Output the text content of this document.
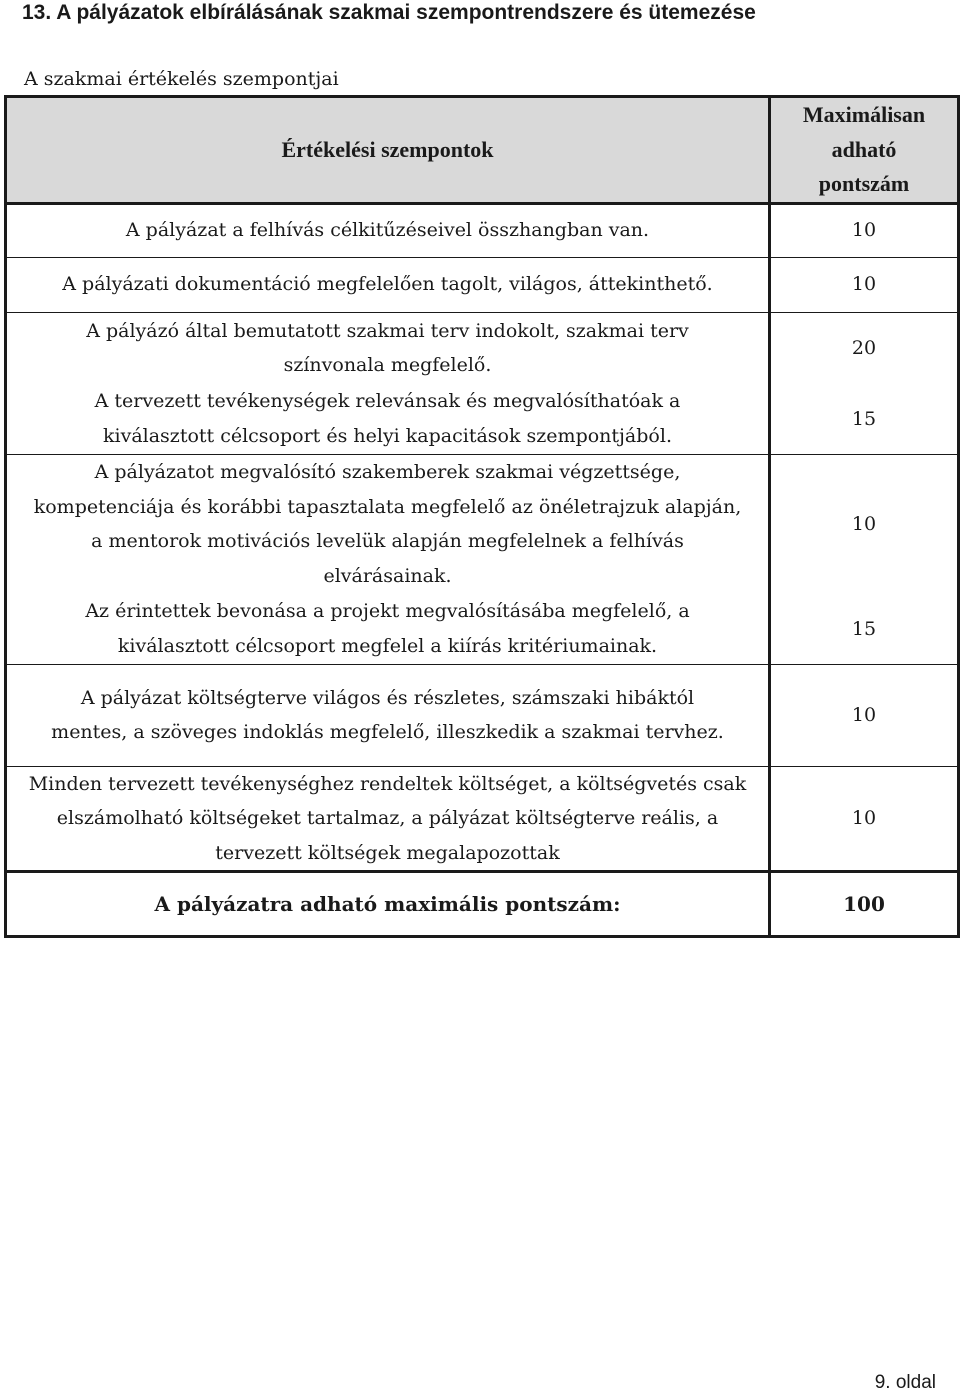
13. A pályázatok elbírálásának szakmai szempontrendszere és ütemezése
A szakmai értékelés szempontjai
Értékelési szempontok	Maximálisan adható pontszám
A pályázat a felhívás célkitűzéseivel összhangban van.	10
A pályázati dokumentáció megfelelően tagolt, világos, áttekinthető.	10
A pályázó által bemutatott szakmai terv indokolt, szakmai terv színvonala megfelelő.	20
A tervezett tevékenységek relevánsak és megvalósíthatóak a kiválasztott célcsoport és helyi kapacitások szempontjából.	15
A pályázatot megvalósító szakemberek szakmai végzettsége, kompetenciája és korábbi tapasztalata megfelelő az önéletrajzuk alapján, a mentorok motivációs levelük alapján megfelelnek a felhívás elvárásainak.	10
Az érintettek bevonása a projekt megvalósításába megfelelő, a kiválasztott célcsoport megfelel a kiírás kritériumainak.	15
A pályázat költségterve világos és részletes, számszaki hibáktól mentes, a szöveges indoklás megfelelő, illeszkedik a szakmai tervhez.	10
Minden tervezett tevékenységhez rendeltek költséget, a költségvetés csak elszámolható költségeket tartalmaz, a pályázat költségterve reális, a tervezett költségek megalapozottak	10
A pályázatra adható maximális pontszám:	100
9. oldal
